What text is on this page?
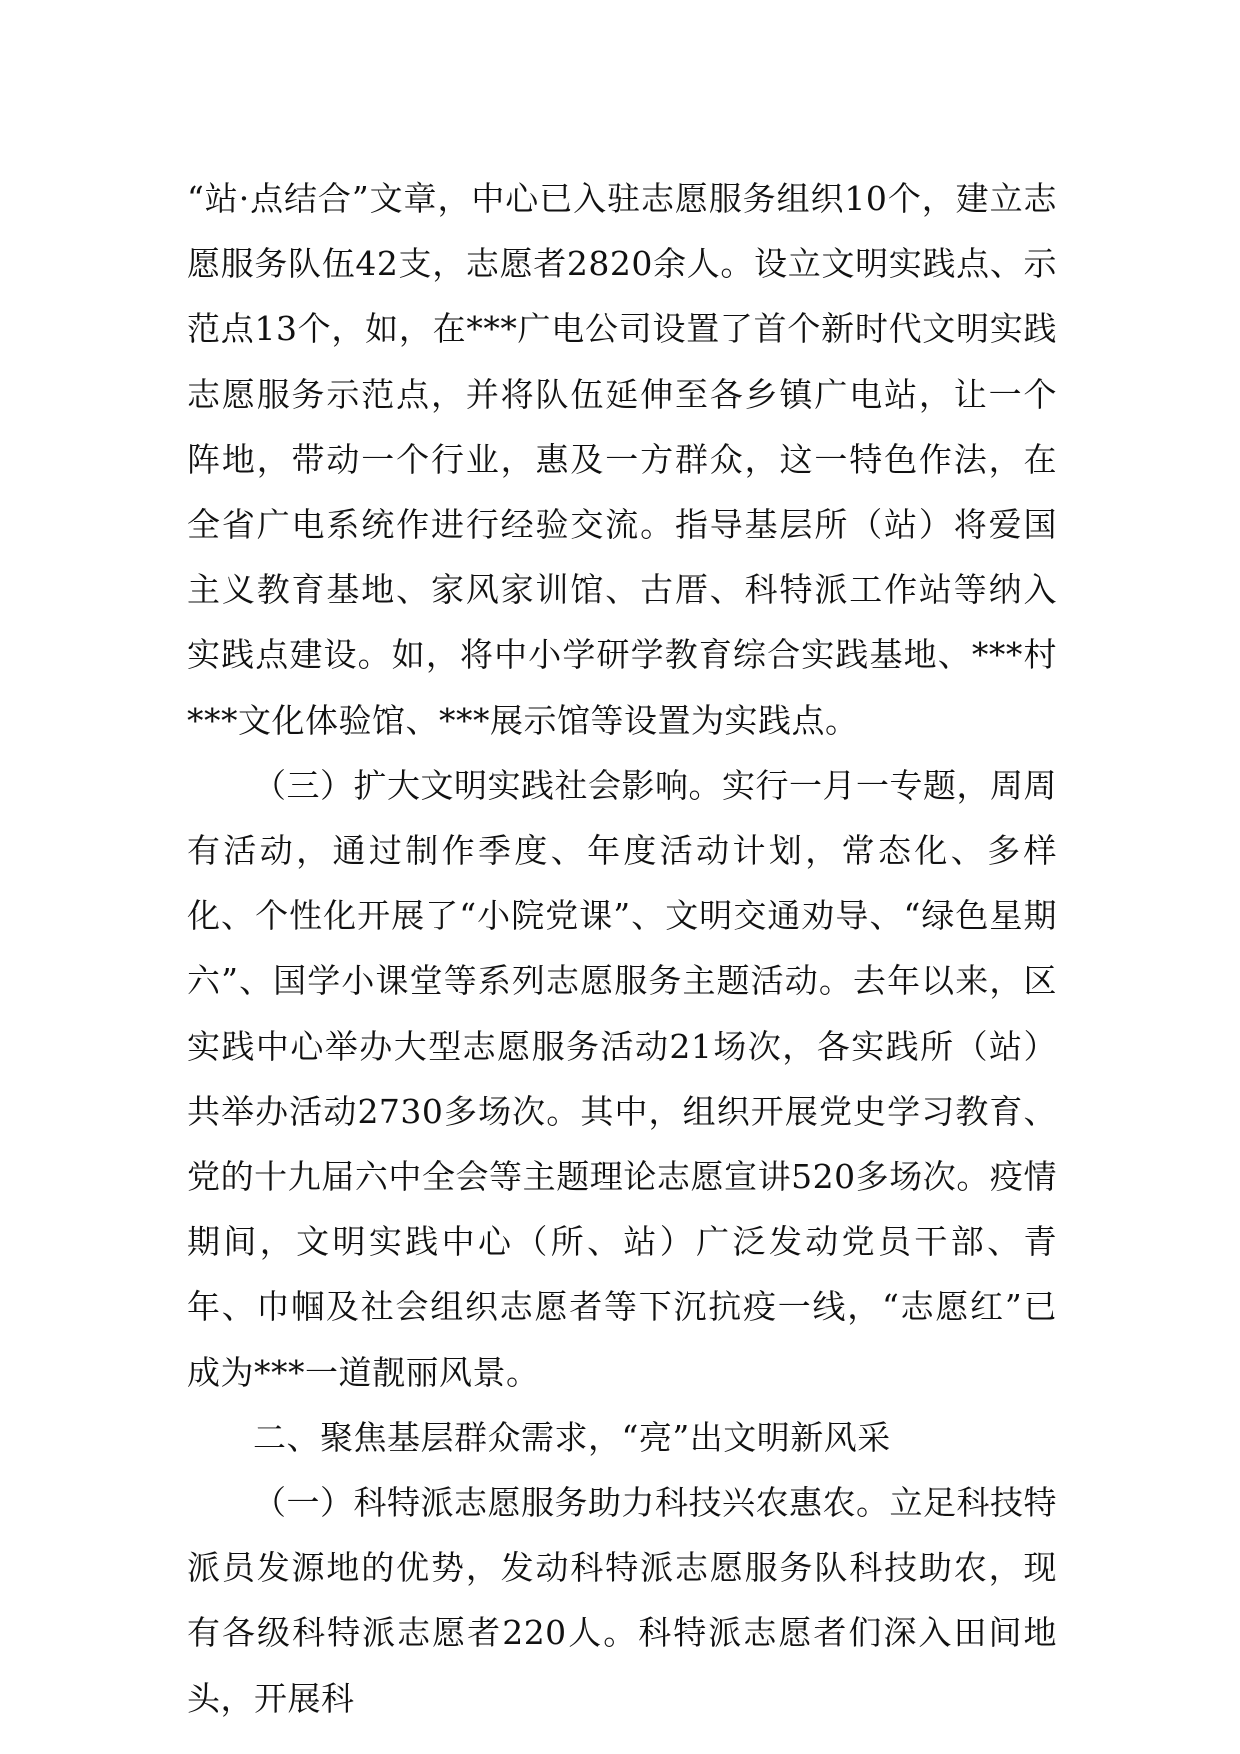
“站·点结合”文章，中心已入驻志愿服务组织10个，建立志愿服务队伍42支，志愿者2820余人。设立文明实践点、示范点13个，如，在***广电公司设置了首个新时代文明实践志愿服务示范点，并将队伍延伸至各乡镇广电站，让一个阵地，带动一个行业，惠及一方群众，这一特色作法，在全省广电系统作进行经验交流。指导基层所（站）将爱国主义教育基地、家风家训馆、古厝、科特派工作站等纳入实践点建设。如，将中小学研学教育综合实践基地、***村***文化体验馆、***展示馆等设置为实践点。

（三）扩大文明实践社会影响。实行一月一专题，周周有活动，通过制作季度、年度活动计划，常态化、多样化、个性化开展了“小院党课”、文明交通劝导、“绿色星期六”、国学小课堂等系列志愿服务主题活动。去年以来，区实践中心举办大型志愿服务活动21场次，各实践所（站）共举办活动2730多场次。其中，组织开展党史学习教育、党的十九届六中全会等主题理论志愿宣讲520多场次。疫情期间，文明实践中心（所、站）广泛发动党员干部、青年、巾帼及社会组织志愿者等下沉抗疫一线，“志愿红”已成为***一道靓丽风景。

二、聚焦基层群众需求，“亮”出文明新风采

（一）科特派志愿服务助力科技兴农惠农。立足科技特派员发源地的优势，发动科特派志愿服务队科技助农，现有各级科特派志愿者220人。科特派志愿者们深入田间地头，开展科
